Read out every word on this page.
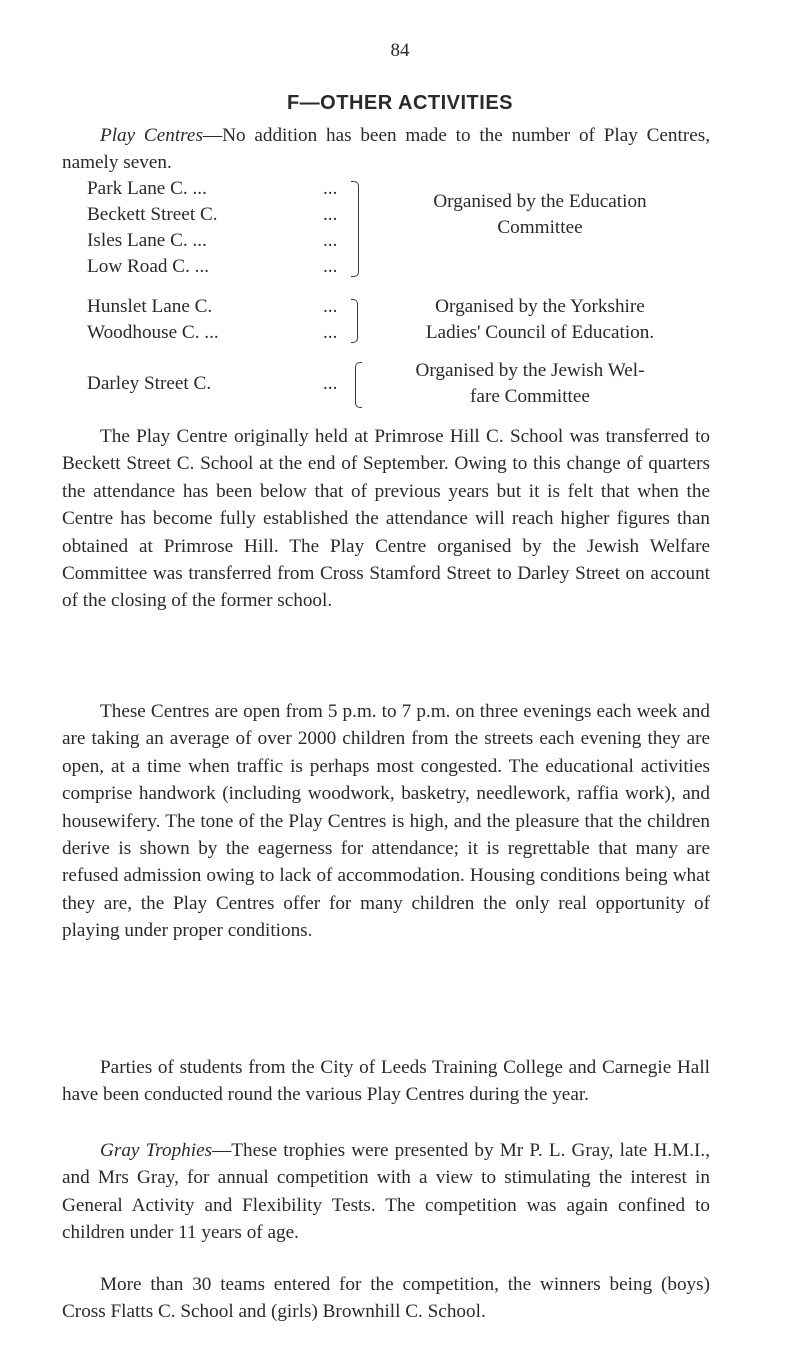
84
F—OTHER ACTIVITIES

Play Centres—No addition has been made to the number of Play Centres, namely seven.

Park Lane C. ...
Beckett Street C.
Isles Lane C. ...
Low Road C. ...
...
...
...
...
Organised by the Education
Committee
Hunslet Lane C.
Woodhouse C. ...
...
...
Organised by the Yorkshire
Ladies' Council of Education.
Darley Street C.	...
Organised by the Jewish Wel-
fare Committee

The Play Centre originally held at Primrose Hill C. School was transferred to Beckett Street C. School at the end of September. Owing to this change of quarters the attendance has been below that of previous years but it is felt that when the Centre has become fully established the attendance will reach higher figures than obtained at Primrose Hill. The Play Centre organised by the Jewish Welfare Committee was transferred from Cross Stamford Street to Darley Street on account of the closing of the former school.

These Centres are open from 5 p.m. to 7 p.m. on three evenings each week and are taking an average of over 2000 children from the streets each evening they are open, at a time when traffic is perhaps most congested. The educational activities comprise handwork (including woodwork, basketry, needlework, raffia work), and housewifery. The tone of the Play Centres is high, and the pleasure that the children derive is shown by the eagerness for attendance; it is regrettable that many are refused admission owing to lack of accommodation. Housing conditions being what they are, the Play Centres offer for many children the only real opportunity of playing under proper conditions.

Parties of students from the City of Leeds Training College and Carnegie Hall have been conducted round the various Play Centres during the year.

Gray Trophies—These trophies were presented by Mr P. L. Gray, late H.M.I., and Mrs Gray, for annual competition with a view to stimulating the interest in General Activity and Flexibility Tests. The competition was again confined to children under 11 years of age.

More than 30 teams entered for the competition, the winners being (boys) Cross Flatts C. School and (girls) Brownhill C. School.
